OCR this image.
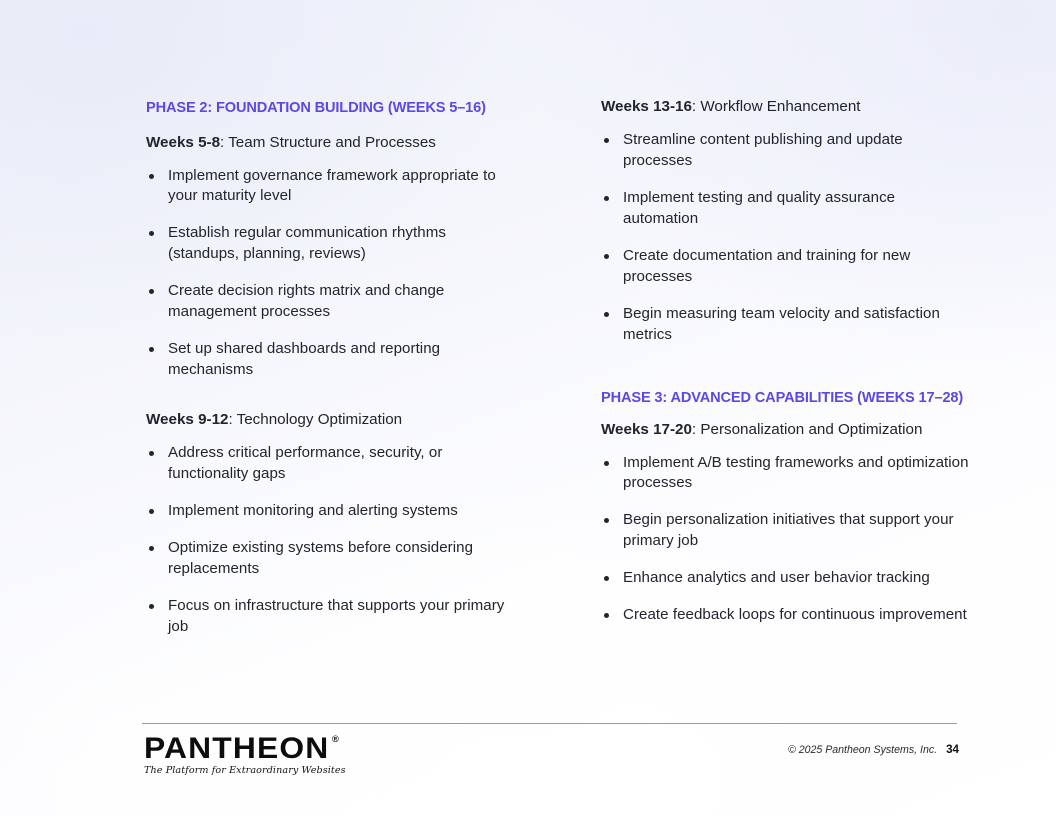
PHASE 2: FOUNDATION BUILDING (WEEKS 5–16)

Weeks 5-8: Team Structure and Processes

Implement governance framework appropriate to your maturity level
Establish regular communication rhythms (standups, planning, reviews)
Create decision rights matrix and change management processes
Set up shared dashboards and reporting mechanisms

Weeks 9-12: Technology Optimization

Address critical performance, security, or functionality gaps
Implement monitoring and alerting systems
Optimize existing systems before considering replacements
Focus on infrastructure that supports your primary job

Weeks 13-16: Workflow Enhancement

Streamline content publishing and update processes
Implement testing and quality assurance automation
Create documentation and training for new processes
Begin measuring team velocity and satisfaction metrics
PHASE 3: ADVANCED CAPABILITIES (WEEKS 17–28)

Weeks 17-20: Personalization and Optimization

Implement A/B testing frameworks and optimization processes
Begin personalization initiatives that support your primary job
Enhance analytics and user behavior tracking
Create feedback loops for continuous improvement
PANTHEON ®
The Platform for Extraordinary Websites
© 2025 Pantheon Systems, Inc. 34
